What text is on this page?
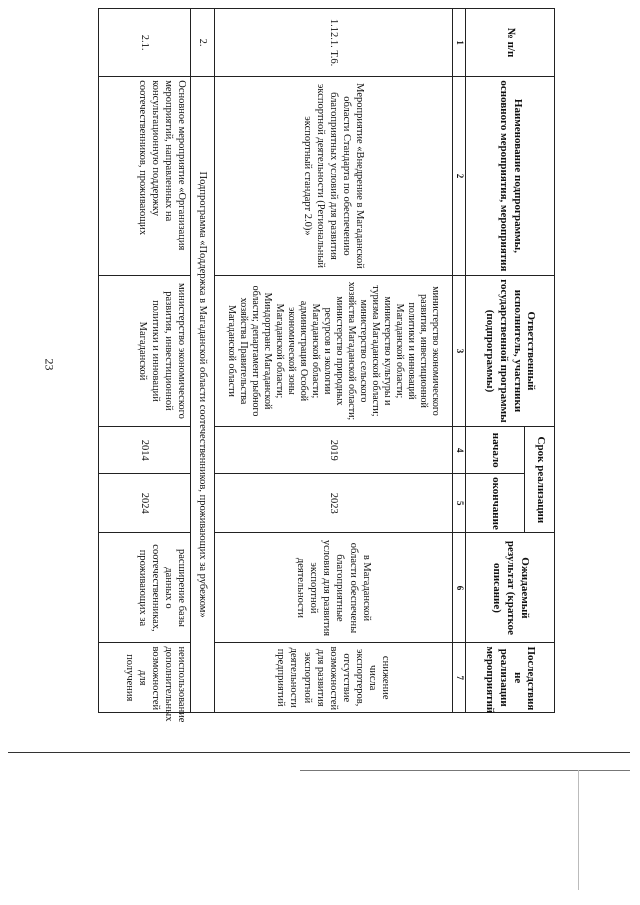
23
№ п/п	Наименование подпрограммы, основного мероприятия, мероприятия	Ответственный исполнитель, участники государственной программы (подпрограммы)	Срок реализации		Ожидаемый результат (краткое описание)	Последствия не реализации мероприятий
			начало	окончание		
1	2	3	4	5	6	7
1.12.1. Т.6.	Мероприятие «Внедрение в Магаданской области Стандарта по обеспечению благоприятных условий для развития экспортной деятельности (Региональный экспортный стандарт 2.0)»	министерство экономического развития, инвестиционной политики и инноваций Магаданской области; министерство культуры и туризма Магаданской области; министерство сельского хозяйства Магаданской области; министерство природных ресурсов и экологии Магаданской области; администрация Особой экономической зоны Магаданской области; Миндортранс Магаданской области; департамент рыбного хозяйства Правительства Магаданской области	2019	2023	в Магаданской области обеспечены благоприятные условия для развития экспортной деятельности	снижение числа экспортеров, отсутствие возможностей для развития экспортной деятельности предприятий
2.	Подпрограмма «Поддержка в Магаданской области соотечественников, проживающих за рубежом»					
2.1.	Основное мероприятие «Организация мероприятий, направленных на консультационную поддержку соотечественников, проживающих	министерство экономического развития, инвестиционной политики и инноваций Магаданской	2014	2024	расширение базы данных о соотечественниках, проживающих за	неиспользование дополнительных возможностей для получения
